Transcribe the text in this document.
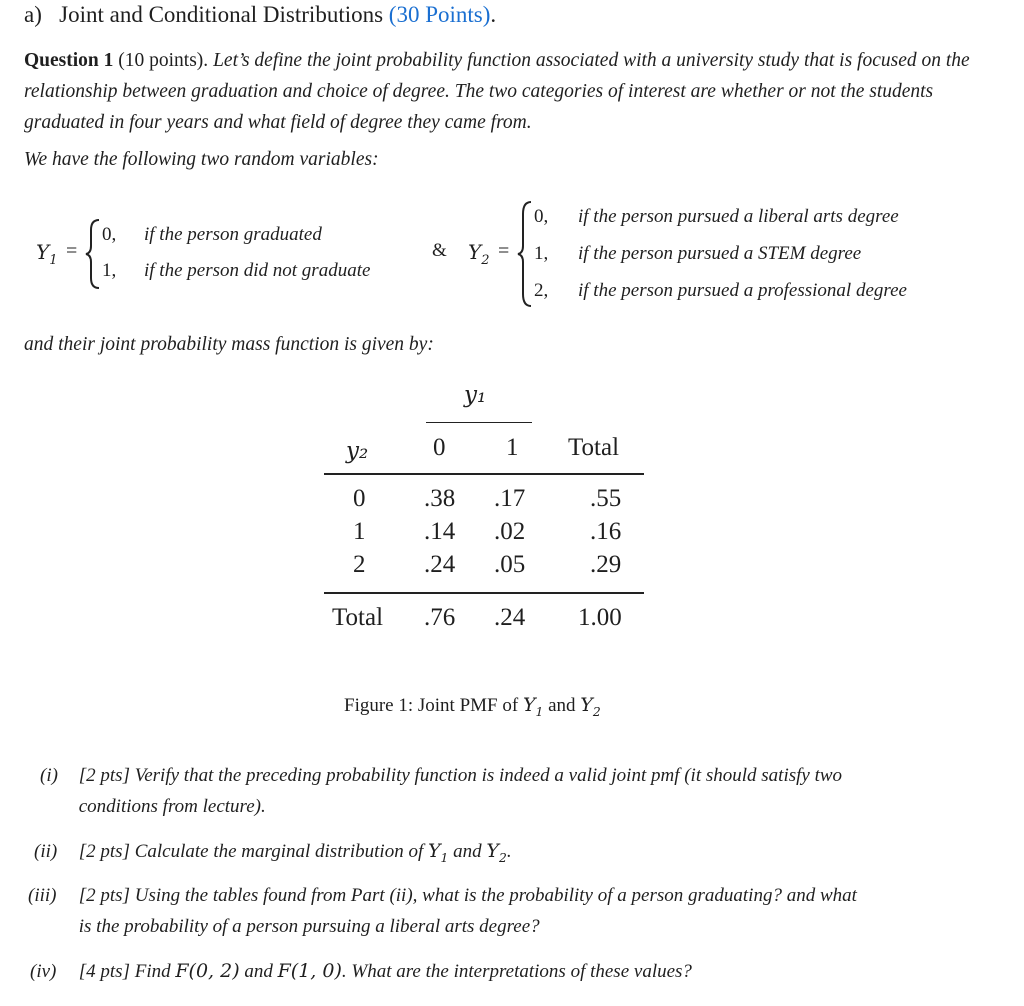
a) Joint and Conditional Distributions (30 Points).
Question 1 (10 points). Let’s define the joint probability function associated with a university study that is focused on the relationship between graduation and choice of degree. The two categories of interest are whether or not the students graduated in four years and what field of degree they came from.
We have the following two random variables:
$Y_1$ =
0, if the person graduated
1, if the person did not graduate
& $Y_2$ =
0, if the person pursued a liberal arts degree
1, if the person pursued a STEM degree
2, if the person pursued a professional degree
and their joint probability mass function is given by:
y₁
y₂	0 1 Total
0 .38 .17	.55
1 .14 .02	.16
2 .24 .05	.29
Total .76 .24 1.00
Figure 1: Joint PMF of $Y_1$ and $Y_2$
(i) [2 pts] Verify that the preceding probability function is indeed a valid joint pmf (it should satisfy two
conditions from lecture).
(ii) [2 pts] Calculate the marginal distribution of $Y_1$ and $Y_2$.
(iii) [2 pts] Using the tables found from Part (ii), what is the probability of a person graduating? and what
is the probability of a person pursuing a liberal arts degree?
(iv) [4 pts] Find F(0, 2) and F(1, 0). What are the interpretations of these values?
